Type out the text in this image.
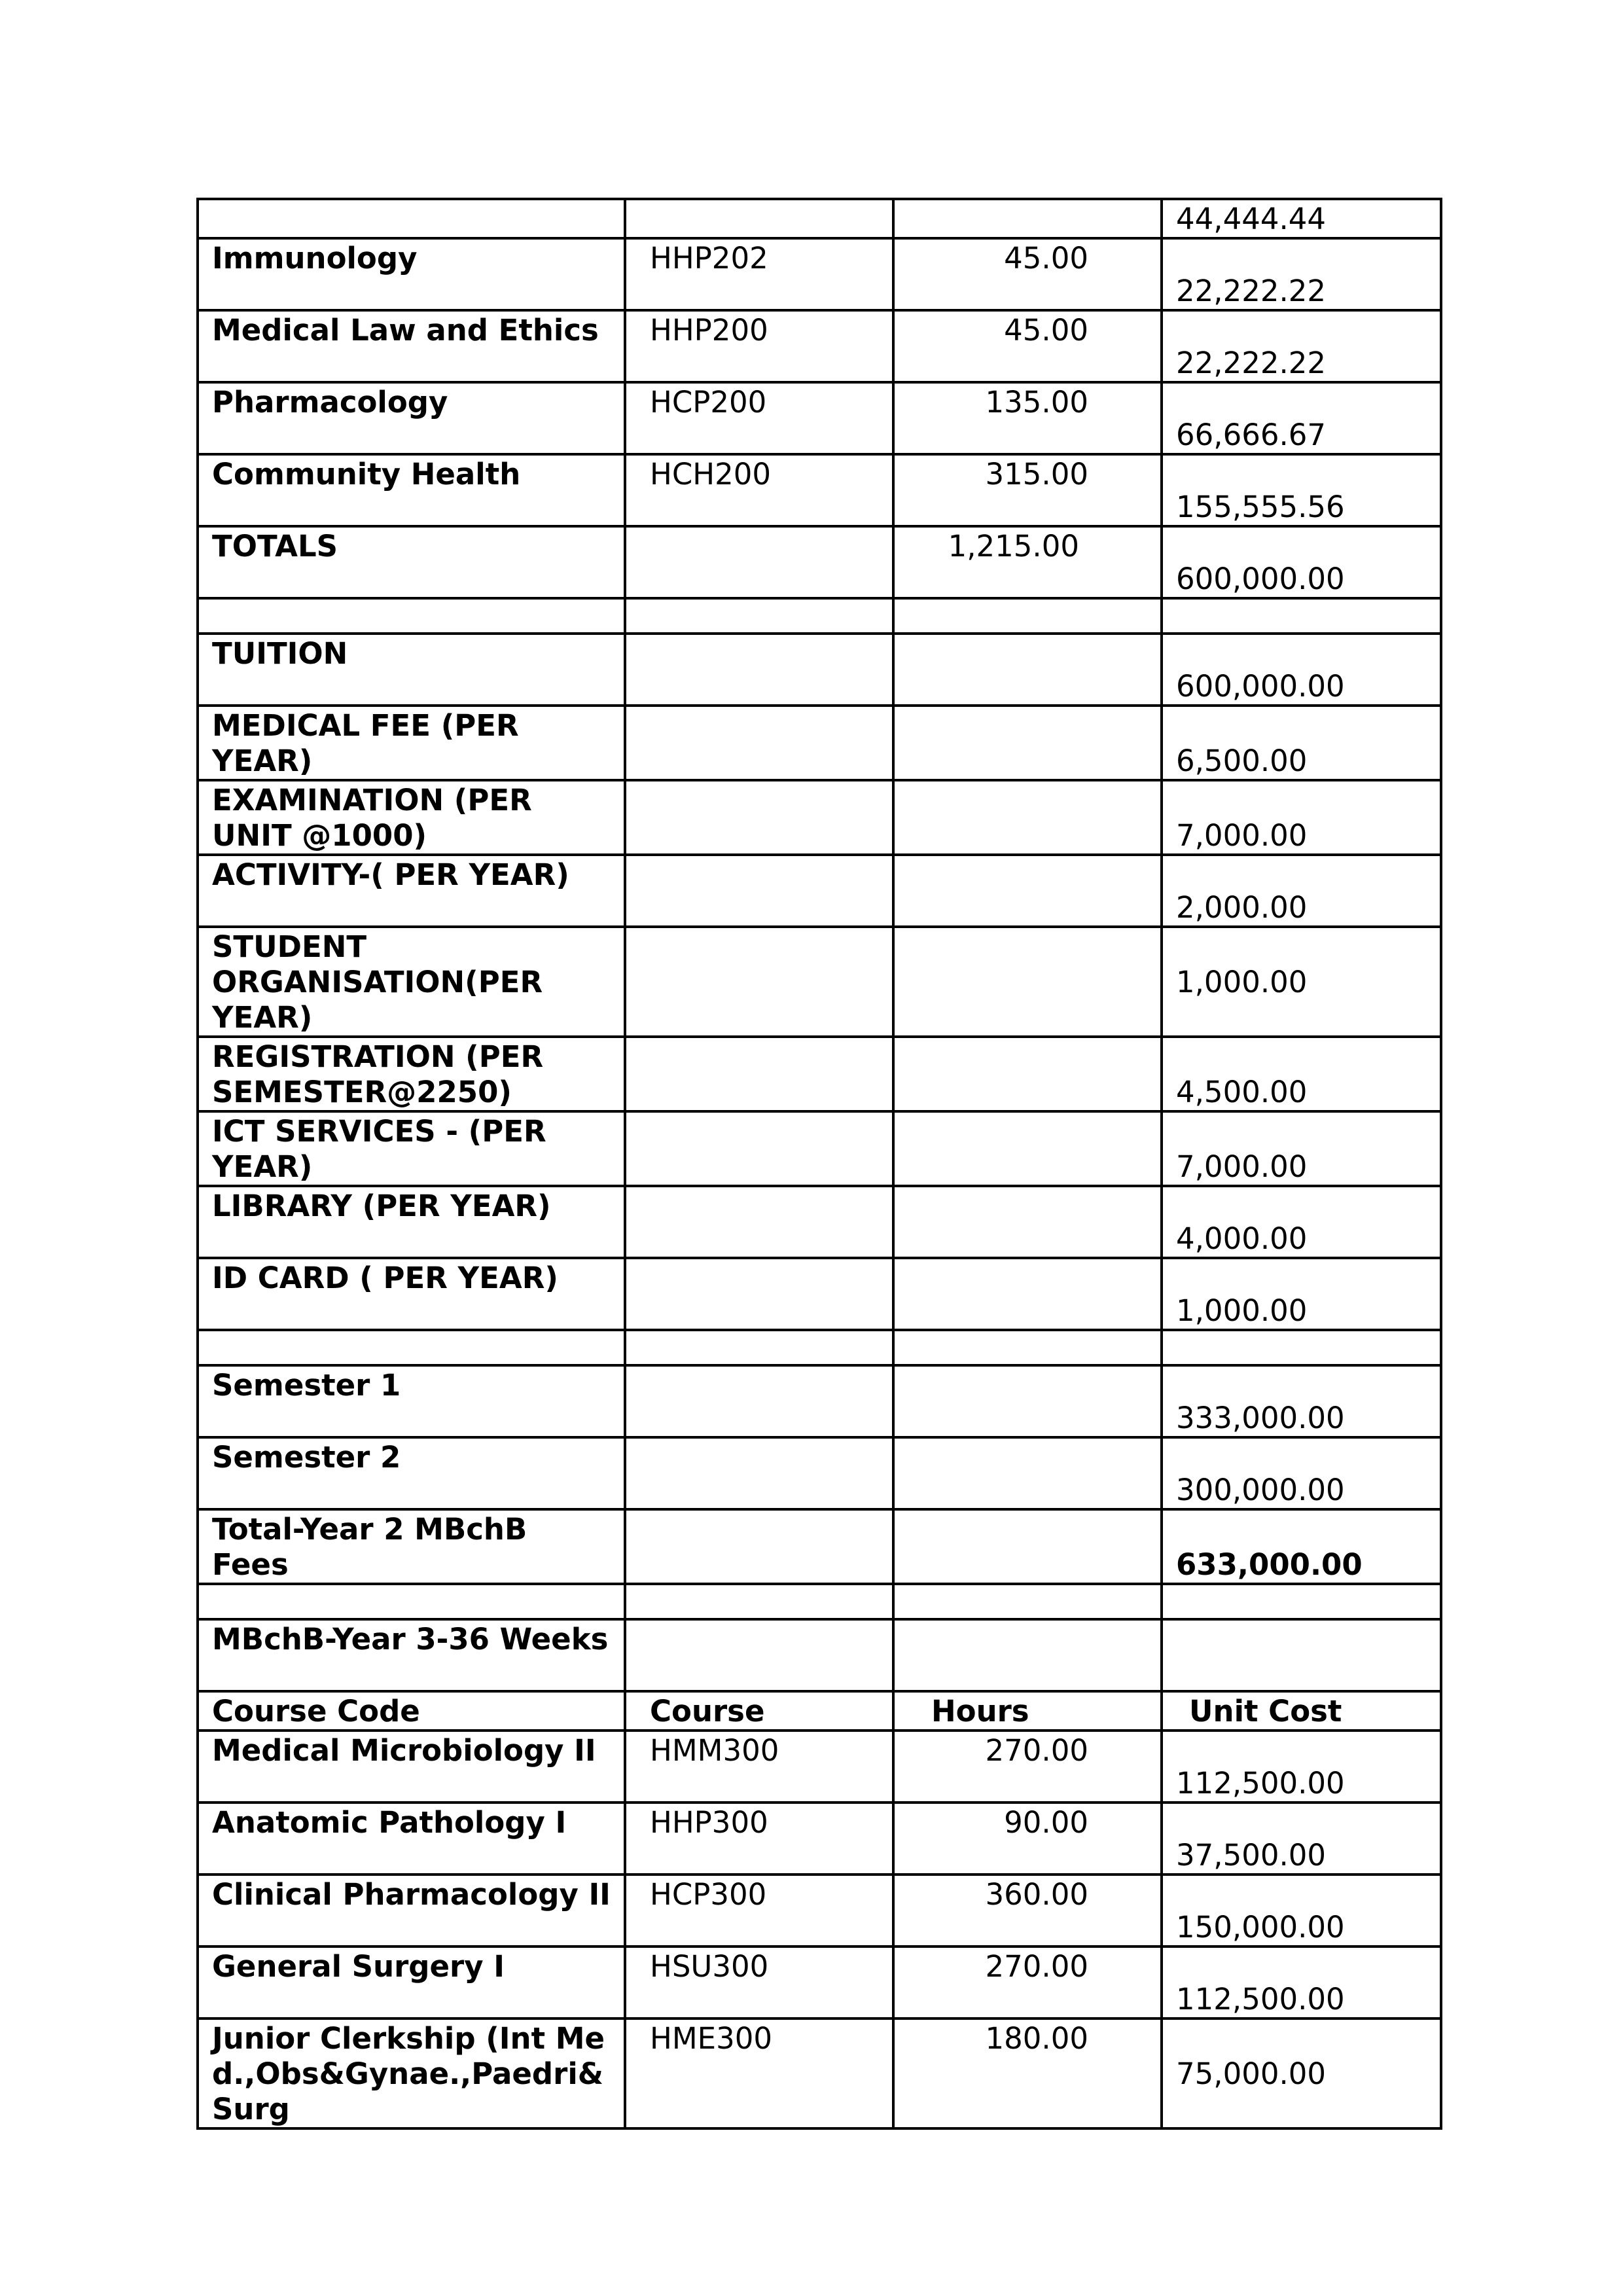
			44,444.44
Immunology	HHP202	45.00	22,222.22
Medical Law and Ethics	HHP200	45.00	22,222.22
Pharmacology	HCP200	135.00	66,666.67
Community Health	HCH200	315.00	155,555.56
TOTALS		1,215.00	600,000.00

TUITION			600,000.00
MEDICAL FEE (PER YEAR)			6,500.00
EXAMINATION (PER UNIT @1000)			7,000.00
ACTIVITY-( PER YEAR)			2,000.00
STUDENT ORGANISATION(PER YEAR)			1,000.00
REGISTRATION (PER SEMESTER@2250)			4,500.00
ICT SERVICES - (PER YEAR)			7,000.00
LIBRARY (PER YEAR)			4,000.00
ID CARD ( PER YEAR)			1,000.00

Semester 1			333,000.00
Semester 2			300,000.00
Total-Year 2 MBchB Fees			633,000.00

MBchB-Year 3-36 Weeks			
Course Code	Course	Hours	Unit Cost
Medical Microbiology II	HMM300	270.00	112,500.00
Anatomic Pathology I	HHP300	90.00	37,500.00
Clinical Pharmacology II	HCP300	360.00	150,000.00
General Surgery I	HSU300	270.00	112,500.00
Junior Clerkship (Int Med.,Obs&Gynae.,Paedri&Surg	HME300	180.00	75,000.00
